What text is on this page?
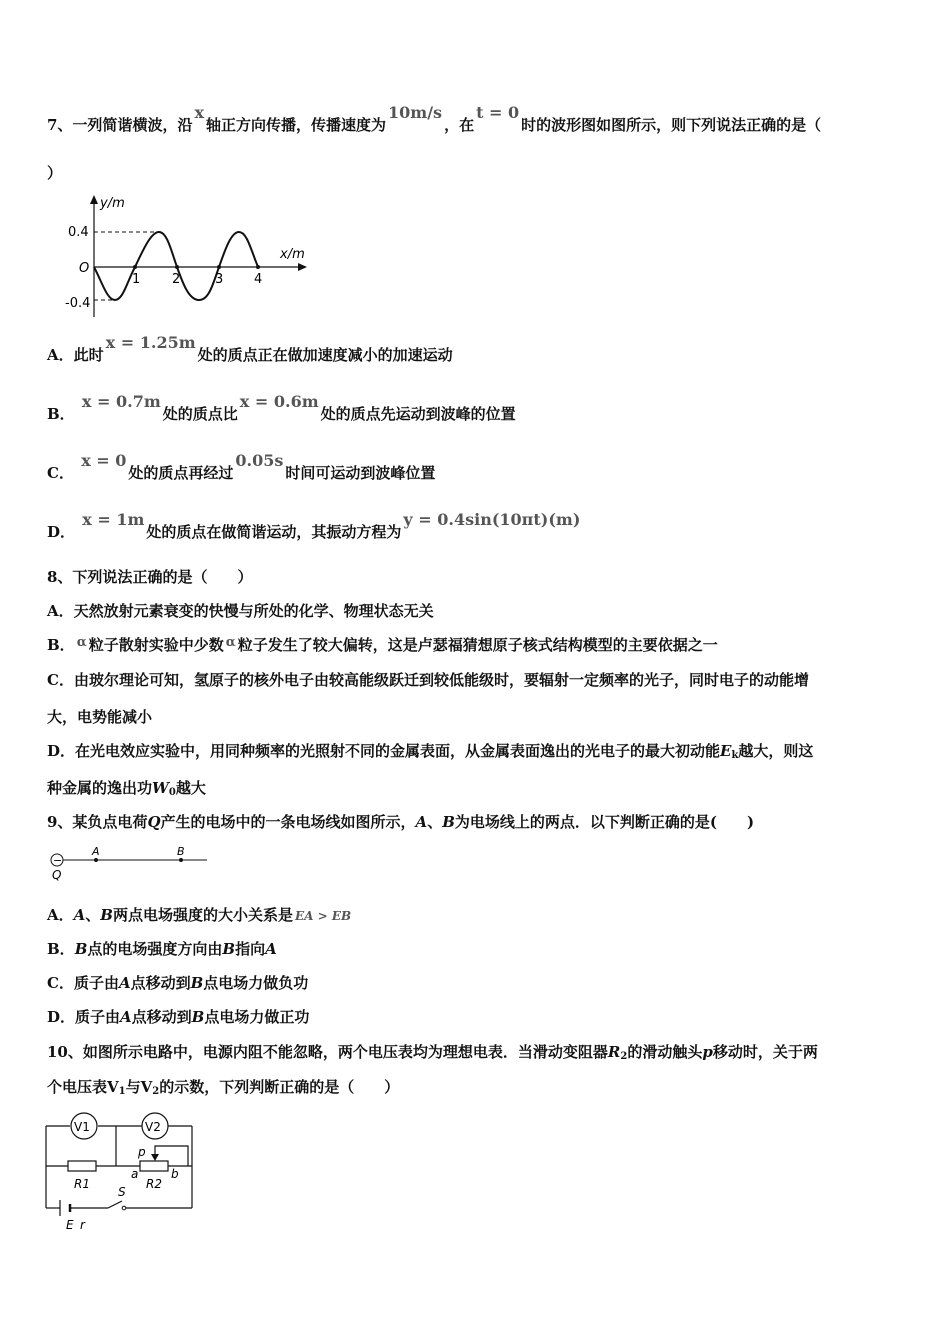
7、一列简谐横波，沿x轴正方向传播，传播速度为10m/s，在t = 0时的波形图如图所示，则下列说法正确的是（
）
y/m
x/m
O
0.4
-0.4
1 2	3 4
A．此时x = 1.25m处的质点正在做加速度减小的加速运动
B． x = 0.7m处的质点比x = 0.6m处的质点先运动到波峰的位置
C． x = 0处的质点再经过0.05s时间可运动到波峰位置
D． x = 1m处的质点在做简谐运动，其振动方程为y = 0.4sin(10πt)(m)
8、下列说法正确的是（　　）
A．天然放射元素衰变的快慢与所处的化学、物理状态无关
B． α 粒子散射实验中少数 α 粒子发生了较大偏转，这是卢瑟福猜想原子核式结构模型的主要依据之一
C．由玻尔理论可知，氢原子的核外电子由较高能级跃迁到较低能级时，要辐射一定频率的光子，同时电子的动能增
大，电势能减小
D．在光电效应实验中，用同种频率的光照射不同的金属表面，从金属表面逸出的光电子的最大初动能$E_k$越大，则这
种金属的逸出功$W_0$越大
9、某负点电荷Q产生的电场中的一条电场线如图所示，A、B为电场线上的两点．以下判断正确的是(　　)
−
A	B
Q
A．A、B两点电场强度的大小关系是 EA > EB
B．B点的电场强度方向由B指向A
C．质子由A点移动到B点电场力做负功
D．质子由A点移动到B点电场力做正功
10、如图所示电路中，电源内阻不能忽略，两个电压表均为理想电表．当滑动变阻器$R_2$的滑动触头p移动时，关于两
个电压表$V_1$与$V_2$的示数，下列判断正确的是（　　）
V1	V2
p
a	b
R1	R2
S
E r
